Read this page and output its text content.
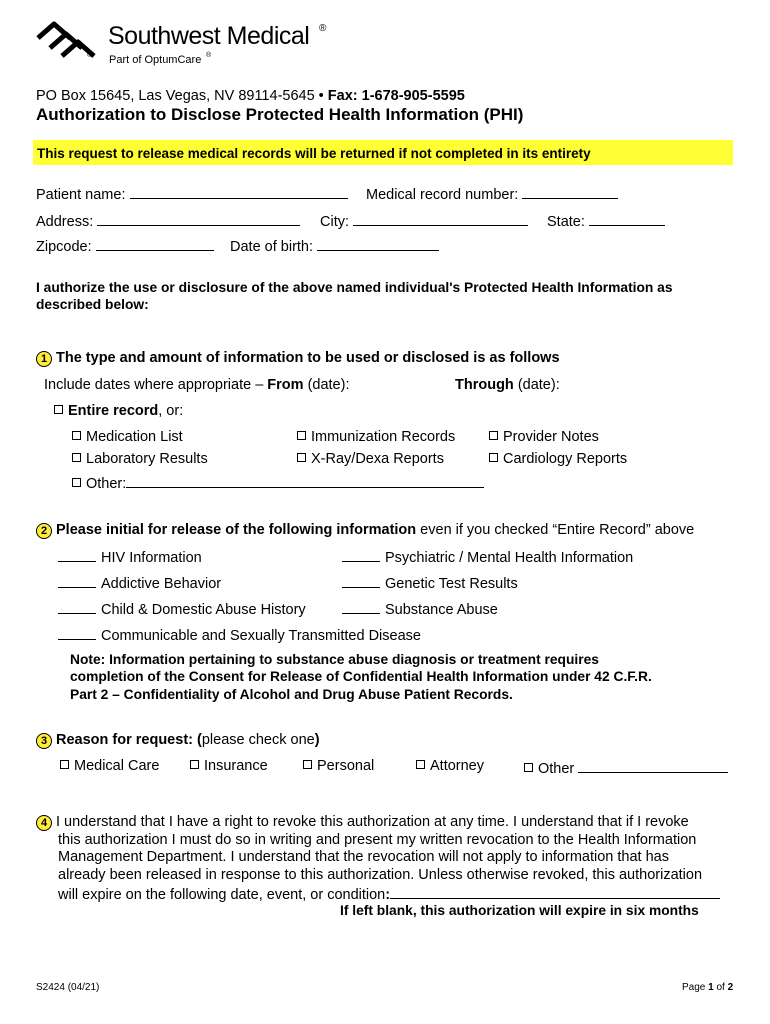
Southwest Medical ®
® Part of OptumCare ®
PO Box 15645, Las Vegas, NV 89114-5645 • Fax: 1-678-905-5595
Authorization to Disclose Protected Health Information (PHI)
This request to release medical records will be returned if not completed in its entirety
Patient name:	Medical record number:
Address:	City:	State:
Zipcode:	Date of birth:
I authorize the use or disclosure of the above named individual's Protected Health Information as
described below:
1 The type and amount of information to be used or disclosed is as follows
Include dates where appropriate – From (date):	Through (date):
Entire record, or:
Medication List	Immunization Records	Provider Notes
Laboratory Results	X-Ray/Dexa Reports	Cardiology Reports
Other:
2 Please initial for release of the following information even if you checked “Entire Record” above
HIV Information	Psychiatric / Mental Health Information
Addictive Behavior	Genetic Test Results
Child & Domestic Abuse History	Substance Abuse
Communicable and Sexually Transmitted Disease
Note: Information pertaining to substance abuse diagnosis or treatment requires
completion of the Consent for Release of Confidential Health Information under 42 C.F.R.
Part 2 – Confidentiality of Alcohol and Drug Abuse Patient Records.
3 Reason for request: (please check one)
Medical Care	Insurance	Personal	Attorney	Other
4 I understand that I have a right to revoke this authorization at any time. I understand that if I revoke
this authorization I must do so in writing and present my written revocation to the Health Information
Management Department. I understand that the revocation will not apply to information that has
already been released in response to this authorization. Unless otherwise revoked, this authorization
will expire on the following date, event, or condition:
If left blank, this authorization will expire in six months
S2424 (04/21)	Page 1 of 2
